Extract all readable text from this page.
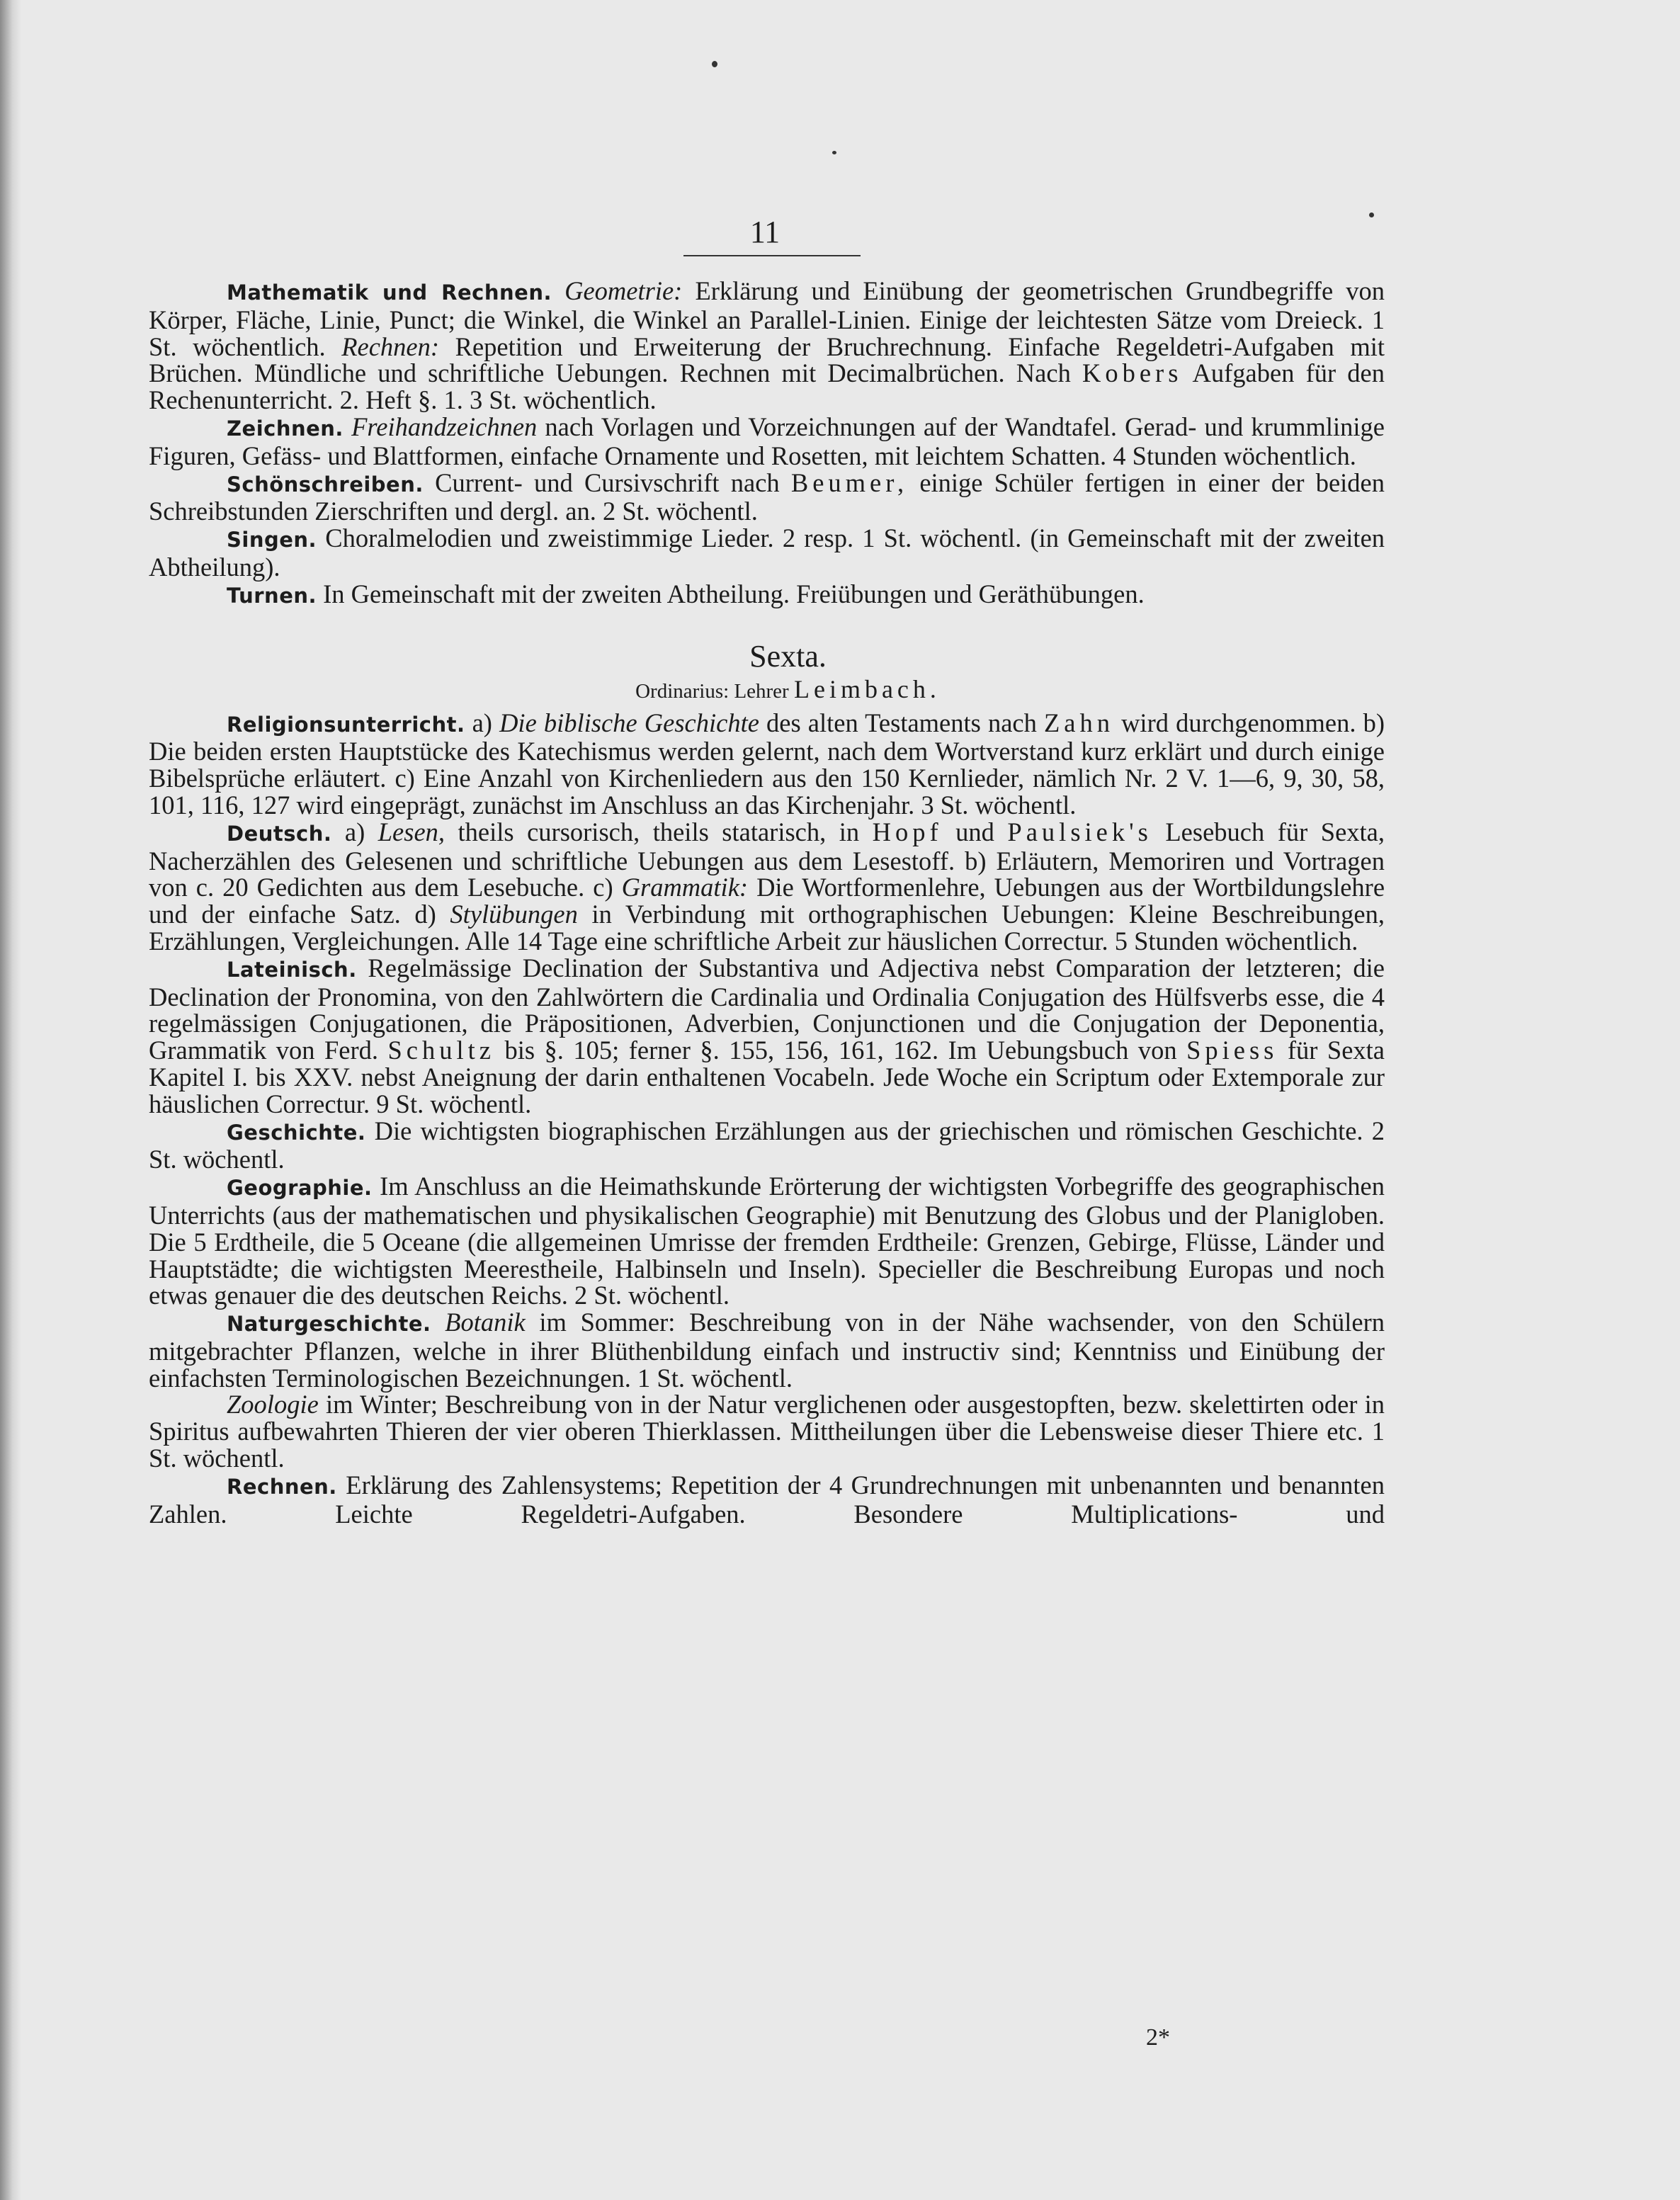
11

Mathematik und Rechnen. Geometrie: Erklärung und Einübung der geometrischen Grundbegriffe von Körper, Fläche, Linie, Punct; die Winkel, die Winkel an Parallel-Linien. Einige der leichtesten Sätze vom Dreieck. 1 St. wöchentlich. Rechnen: Repetition und Erweiterung der Bruchrechnung. Einfache Regeldetri-Aufgaben mit Brüchen. Mündliche und schriftliche Uebungen. Rechnen mit Decimalbrüchen. Nach Kobers Aufgaben für den Rechenunterricht. 2. Heft §. 1. 3 St. wöchentlich.

Zeichnen. Freihandzeichnen nach Vorlagen und Vorzeichnungen auf der Wandtafel. Gerad- und krummlinige Figuren, Gefäss- und Blattformen, einfache Ornamente und Rosetten, mit leichtem Schatten. 4 Stunden wöchentlich.

Schönschreiben. Current- und Cursivschrift nach Beumer, einige Schüler fertigen in einer der beiden Schreibstunden Zierschriften und dergl. an. 2 St. wöchentl.

Singen. Choralmelodien und zweistimmige Lieder. 2 resp. 1 St. wöchentl. (in Gemeinschaft mit der zweiten Abtheilung).

Turnen. In Gemeinschaft mit der zweiten Abtheilung. Freiübungen und Geräthübungen.

Sexta.
Ordinarius: Lehrer Leimbach.

Religionsunterricht. a) Die biblische Geschichte des alten Testaments nach Zahn wird durchgenommen. b) Die beiden ersten Hauptstücke des Katechismus werden gelernt, nach dem Wortverstand kurz erklärt und durch einige Bibelsprüche erläutert. c) Eine Anzahl von Kirchenliedern aus den 150 Kernlieder, nämlich Nr. 2 V. 1—6, 9, 30, 58, 101, 116, 127 wird eingeprägt, zunächst im Anschluss an das Kirchenjahr. 3 St. wöchentl.

Deutsch. a) Lesen, theils cursorisch, theils statarisch, in Hopf und Paulsiek's Lesebuch für Sexta, Nacherzählen des Gelesenen und schriftliche Uebungen aus dem Lesestoff. b) Erläutern, Memoriren und Vortragen von c. 20 Gedichten aus dem Lesebuche. c) Grammatik: Die Wortformenlehre, Uebungen aus der Wortbildungslehre und der einfache Satz. d) Stylübungen in Verbindung mit orthographischen Uebungen: Kleine Beschreibungen, Erzählungen, Vergleichungen. Alle 14 Tage eine schriftliche Arbeit zur häuslichen Correctur. 5 Stunden wöchentlich.

Lateinisch. Regelmässige Declination der Substantiva und Adjectiva nebst Comparation der letzteren; die Declination der Pronomina, von den Zahlwörtern die Cardinalia und Ordinalia Conjugation des Hülfsverbs esse, die 4 regelmässigen Conjugationen, die Präpositionen, Adverbien, Conjunctionen und die Conjugation der Deponentia, Grammatik von Ferd. Schultz bis §. 105; ferner §. 155, 156, 161, 162. Im Uebungsbuch von Spiess für Sexta Kapitel I. bis XXV. nebst Aneignung der darin enthaltenen Vocabeln. Jede Woche ein Scriptum oder Extemporale zur häuslichen Correctur. 9 St. wöchentl.

Geschichte. Die wichtigsten biographischen Erzählungen aus der griechischen und römischen Geschichte. 2 St. wöchentl.

Geographie. Im Anschluss an die Heimathskunde Erörterung der wichtigsten Vorbegriffe des geographischen Unterrichts (aus der mathematischen und physikalischen Geographie) mit Benutzung des Globus und der Planigloben. Die 5 Erdtheile, die 5 Oceane (die allgemeinen Umrisse der fremden Erdtheile: Grenzen, Gebirge, Flüsse, Länder und Hauptstädte; die wichtigsten Meerestheile, Halbinseln und Inseln). Specieller die Beschreibung Europas und noch etwas genauer die des deutschen Reichs. 2 St. wöchentl.

Naturgeschichte. Botanik im Sommer: Beschreibung von in der Nähe wachsender, von den Schülern mitgebrachter Pflanzen, welche in ihrer Blüthenbildung einfach und instructiv sind; Kenntniss und Einübung der einfachsten Terminologischen Bezeichnungen. 1 St. wöchentl.

Zoologie im Winter; Beschreibung von in der Natur verglichenen oder ausgestopften, bezw. skelettirten oder in Spiritus aufbewahrten Thieren der vier oberen Thierklassen. Mittheilungen über die Lebensweise dieser Thiere etc. 1 St. wöchentl.

Rechnen. Erklärung des Zahlensystems; Repetition der 4 Grundrechnungen mit unbenannten und benannten Zahlen. Leichte Regeldetri-Aufgaben. Besondere Multiplications- und

2*
